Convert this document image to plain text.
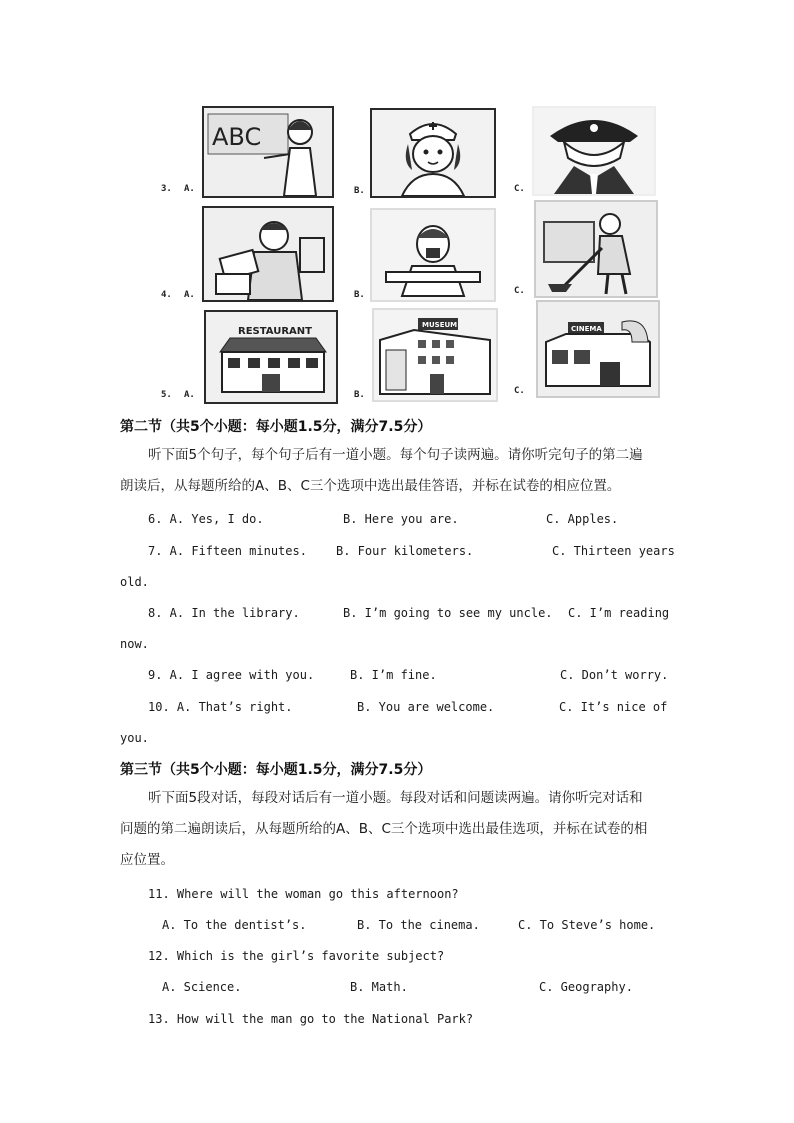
3. A.
ABC
B.	C.
4. A.	B.	C.
5. A.
RESTAURANT
B.
MUSEUM
C.
CINEMA
第二节（共5个小题：每小题1.5分，满分7.5分）
听下面5个句子，每个句子后有一道小题。每个句子读两遍。请你听完句子的第二遍
朗读后，从每题所给的A、B、C三个选项中选出最佳答语，并标在试卷的相应位置。
6. A. Yes, I do.	B. Here you are.	C. Apples.
7. A. Fifteen minutes. B. Four kilometers.	C. Thirteen years
old.
8. A. In the library.	B. I’m going to see my uncle. C. I’m reading
now.
9. A. I agree with you.	B. I’m fine.	C. Don’t worry.
10. A. That’s right.	B. You are welcome.	C. It’s nice of
you.
第三节（共5个小题：每小题1.5分，满分7.5分）
听下面5段对话，每段对话后有一道小题。每段对话和问题读两遍。请你听完对话和
问题的第二遍朗读后，从每题所给的A、B、C三个选项中选出最佳选项，并标在试卷的相
应位置。
11. Where will the woman go this afternoon?
A. To the dentist’s.	B. To the cinema.	C. To Steve’s home.
12. Which is the girl’s favorite subject?
A. Science.	B. Math.	C. Geography.
13. How will the man go to the National Park?
